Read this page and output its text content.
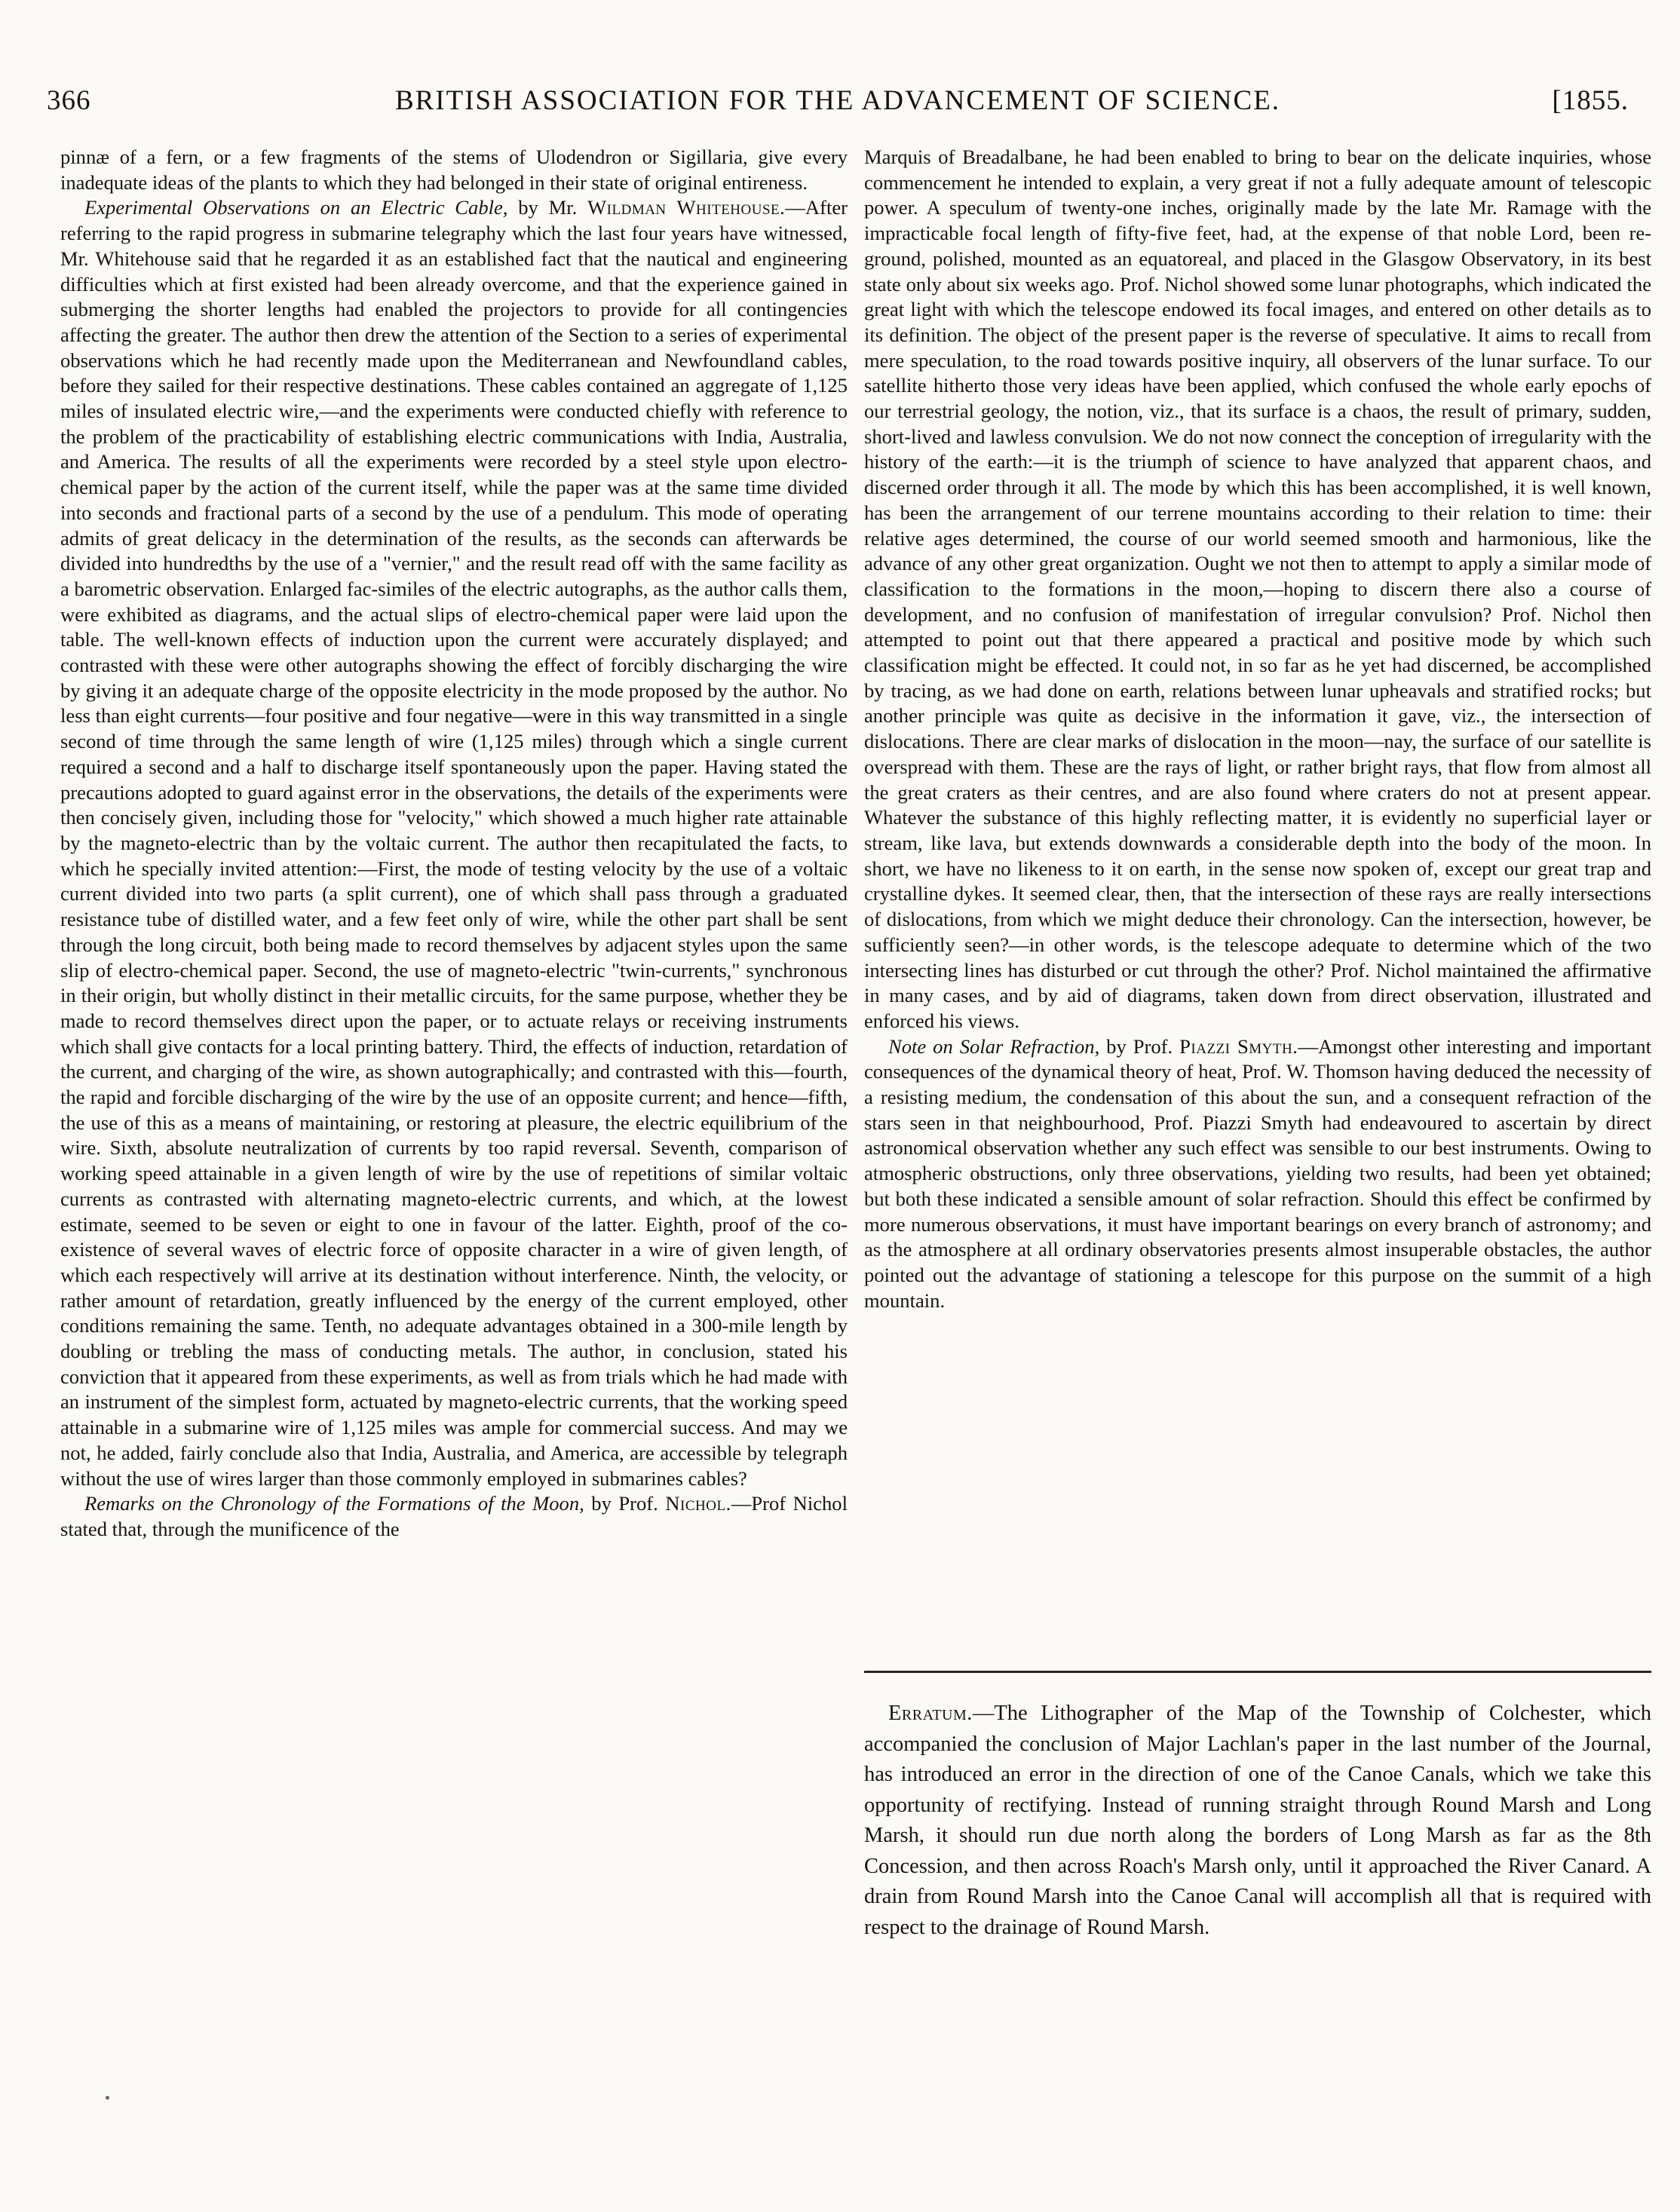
366	BRITISH ASSOCIATION FOR THE ADVANCEMENT OF SCIENCE.	[1855.

pinnæ of a fern, or a few fragments of the stems of Ulodendron or Sigillaria, give every inadequate ideas of the plants to which they had belonged in their state of original entireness.

Experimental Observations on an Electric Cable, by Mr. Wildman Whitehouse.—After referring to the rapid progress in submarine telegraphy which the last four years have witnessed, Mr. Whitehouse said that he regarded it as an established fact that the nautical and engineering difficulties which at first existed had been already overcome, and that the experience gained in submerging the shorter lengths had enabled the projectors to provide for all contingencies affecting the greater. The author then drew the attention of the Section to a series of experimental observations which he had recently made upon the Mediterranean and Newfoundland cables, before they sailed for their respective destinations. These cables contained an aggregate of 1,125 miles of insulated electric wire,—and the experiments were conducted chiefly with reference to the problem of the practicability of establishing electric communications with India, Australia, and America. The results of all the experiments were recorded by a steel style upon electro-chemical paper by the action of the current itself, while the paper was at the same time divided into seconds and fractional parts of a second by the use of a pendulum. This mode of operating admits of great delicacy in the determination of the results, as the seconds can afterwards be divided into hundredths by the use of a "vernier," and the result read off with the same facility as a barometric observation. Enlarged fac-similes of the electric autographs, as the author calls them, were exhibited as diagrams, and the actual slips of electro-chemical paper were laid upon the table. The well-known effects of induction upon the current were accurately displayed; and contrasted with these were other autographs showing the effect of forcibly discharging the wire by giving it an adequate charge of the opposite electricity in the mode proposed by the author. No less than eight currents—four positive and four negative—were in this way transmitted in a single second of time through the same length of wire (1,125 miles) through which a single current required a second and a half to discharge itself spontaneously upon the paper. Having stated the precautions adopted to guard against error in the observations, the details of the experiments were then concisely given, including those for "velocity," which showed a much higher rate attainable by the magneto-electric than by the voltaic current. The author then recapitulated the facts, to which he specially invited attention:—First, the mode of testing velocity by the use of a voltaic current divided into two parts (a split current), one of which shall pass through a graduated resistance tube of distilled water, and a few feet only of wire, while the other part shall be sent through the long circuit, both being made to record themselves by adjacent styles upon the same slip of electro-chemical paper. Second, the use of magneto-electric "twin-currents," synchronous in their origin, but wholly distinct in their metallic circuits, for the same purpose, whether they be made to record themselves direct upon the paper, or to actuate relays or receiving instruments which shall give contacts for a local printing battery. Third, the effects of induction, retardation of the current, and charging of the wire, as shown autographically; and contrasted with this—fourth, the rapid and forcible discharging of the wire by the use of an opposite current; and hence—fifth, the use of this as a means of maintaining, or restoring at pleasure, the electric equilibrium of the wire. Sixth, absolute neutralization of currents by too rapid reversal. Seventh, comparison of working speed attainable in a given length of wire by the use of repetitions of similar voltaic currents as contrasted with alternating magneto-electric currents, and which, at the lowest estimate, seemed to be seven or eight to one in favour of the latter. Eighth, proof of the co-existence of several waves of electric force of opposite character in a wire of given length, of which each respectively will arrive at its destination without interference. Ninth, the velocity, or rather amount of retardation, greatly influenced by the energy of the current employed, other conditions remaining the same. Tenth, no adequate advantages obtained in a 300-mile length by doubling or trebling the mass of conducting metals. The author, in conclusion, stated his conviction that it appeared from these experiments, as well as from trials which he had made with an instrument of the simplest form, actuated by magneto-electric currents, that the working speed attainable in a submarine wire of 1,125 miles was ample for commercial success. And may we not, he added, fairly conclude also that India, Australia, and America, are accessible by telegraph without the use of wires larger than those commonly employed in submarines cables?

Remarks on the Chronology of the Formations of the Moon, by Prof. Nichol.—Prof Nichol stated that, through the munificence of the

Marquis of Breadalbane, he had been enabled to bring to bear on the delicate inquiries, whose commencement he intended to explain, a very great if not a fully adequate amount of telescopic power. A speculum of twenty-one inches, originally made by the late Mr. Ramage with the impracticable focal length of fifty-five feet, had, at the expense of that noble Lord, been re-ground, polished, mounted as an equatoreal, and placed in the Glasgow Observatory, in its best state only about six weeks ago. Prof. Nichol showed some lunar photographs, which indicated the great light with which the telescope endowed its focal images, and entered on other details as to its definition. The object of the present paper is the reverse of speculative. It aims to recall from mere speculation, to the road towards positive inquiry, all observers of the lunar surface. To our satellite hitherto those very ideas have been applied, which confused the whole early epochs of our terrestrial geology, the notion, viz., that its surface is a chaos, the result of primary, sudden, short-lived and lawless convulsion. We do not now connect the conception of irregularity with the history of the earth:—it is the triumph of science to have analyzed that apparent chaos, and discerned order through it all. The mode by which this has been accomplished, it is well known, has been the arrangement of our terrene mountains according to their relation to time: their relative ages determined, the course of our world seemed smooth and harmonious, like the advance of any other great organization. Ought we not then to attempt to apply a similar mode of classification to the formations in the moon,—hoping to discern there also a course of development, and no confusion of manifestation of irregular convulsion? Prof. Nichol then attempted to point out that there appeared a practical and positive mode by which such classification might be effected. It could not, in so far as he yet had discerned, be accomplished by tracing, as we had done on earth, relations between lunar upheavals and stratified rocks; but another principle was quite as decisive in the information it gave, viz., the intersection of dislocations. There are clear marks of dislocation in the moon—nay, the surface of our satellite is overspread with them. These are the rays of light, or rather bright rays, that flow from almost all the great craters as their centres, and are also found where craters do not at present appear. Whatever the substance of this highly reflecting matter, it is evidently no superficial layer or stream, like lava, but extends downwards a considerable depth into the body of the moon. In short, we have no likeness to it on earth, in the sense now spoken of, except our great trap and crystalline dykes. It seemed clear, then, that the intersection of these rays are really intersections of dislocations, from which we might deduce their chronology. Can the intersection, however, be sufficiently seen?—in other words, is the telescope adequate to determine which of the two intersecting lines has disturbed or cut through the other? Prof. Nichol maintained the affirmative in many cases, and by aid of diagrams, taken down from direct observation, illustrated and enforced his views.

Note on Solar Refraction, by Prof. Piazzi Smyth.—Amongst other interesting and important consequences of the dynamical theory of heat, Prof. W. Thomson having deduced the necessity of a resisting medium, the condensation of this about the sun, and a consequent refraction of the stars seen in that neighbourhood, Prof. Piazzi Smyth had endeavoured to ascertain by direct astronomical observation whether any such effect was sensible to our best instruments. Owing to atmospheric obstructions, only three observations, yielding two results, had been yet obtained; but both these indicated a sensible amount of solar refraction. Should this effect be confirmed by more numerous observations, it must have important bearings on every branch of astronomy; and as the atmosphere at all ordinary observatories presents almost insuperable obstacles, the author pointed out the advantage of stationing a telescope for this purpose on the summit of a high mountain.

Erratum.—The Lithographer of the Map of the Township of Colchester, which accompanied the conclusion of Major Lachlan's paper in the last number of the Journal, has introduced an error in the direction of one of the Canoe Canals, which we take this opportunity of rectifying. Instead of running straight through Round Marsh and Long Marsh, it should run due north along the borders of Long Marsh as far as the 8th Concession, and then across Roach's Marsh only, until it approached the River Canard. A drain from Round Marsh into the Canoe Canal will accomplish all that is required with respect to the drainage of Round Marsh.
